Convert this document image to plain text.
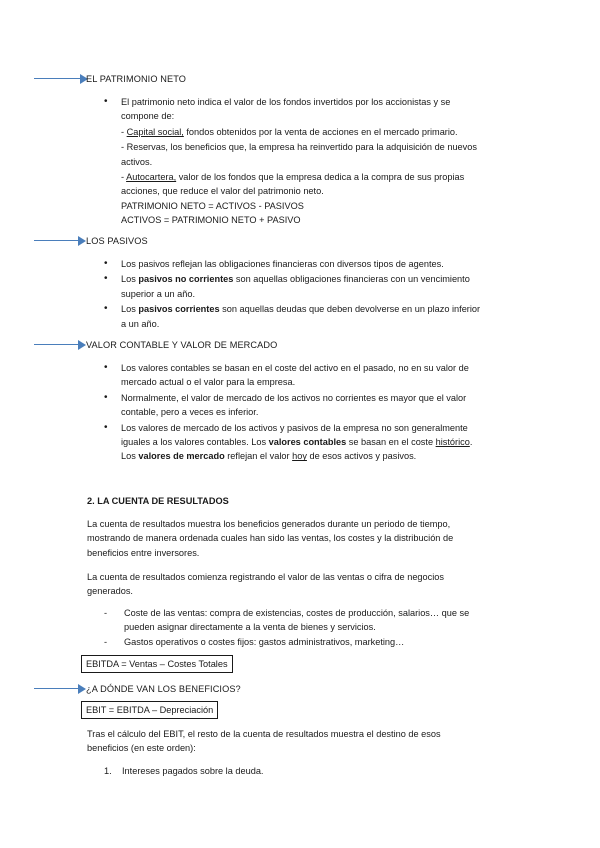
EL PATRIMONIO NETO
• El patrimonio neto indica el valor de los fondos invertidos por los accionistas y se
compone de:
- Capital social, fondos obtenidos por la venta de acciones en el mercado primario.
- Reservas, los beneficios que, la empresa ha reinvertido para la adquisición de nuevos
activos.
- Autocartera, valor de los fondos que la empresa dedica a la compra de sus propias
acciones, que reduce el valor del patrimonio neto.
PATRIMONIO NETO = ACTIVOS - PASIVOS
ACTIVOS = PATRIMONIO NETO + PASIVO
LOS PASIVOS
• Los pasivos reflejan las obligaciones financieras con diversos tipos de agentes.
• Los pasivos no corrientes son aquellas obligaciones financieras con un vencimiento
superior a un año.
• Los pasivos corrientes son aquellas deudas que deben devolverse en un plazo inferior
a un año.
VALOR CONTABLE Y VALOR DE MERCADO
• Los valores contables se basan en el coste del activo en el pasado, no en su valor de
mercado actual o el valor para la empresa.
• Normalmente, el valor de mercado de los activos no corrientes es mayor que el valor
contable, pero a veces es inferior.
• Los valores de mercado de los activos y pasivos de la empresa no son generalmente
iguales a los valores contables. Los valores contables se basan en el coste histórico.
Los valores de mercado reflejan el valor hoy de esos activos y pasivos.
2. LA CUENTA DE RESULTADOS
La cuenta de resultados muestra los beneficios generados durante un periodo de tiempo,
mostrando de manera ordenada cuales han sido las ventas, los costes y la distribución de
beneficios entre inversores.
La cuenta de resultados comienza registrando el valor de las ventas o cifra de negocios
generados.
- Coste de las ventas: compra de existencias, costes de producción, salarios… que se
pueden asignar directamente a la venta de bienes y servicios.
- Gastos operativos o costes fijos: gastos administrativos, marketing…
EBITDA = Ventas – Costes Totales
¿A DÓNDE VAN LOS BENEFICIOS?
EBIT = EBITDA – Depreciación
Tras el cálculo del EBIT, el resto de la cuenta de resultados muestra el destino de esos
beneficios (en este orden):
1. Intereses pagados sobre la deuda.
